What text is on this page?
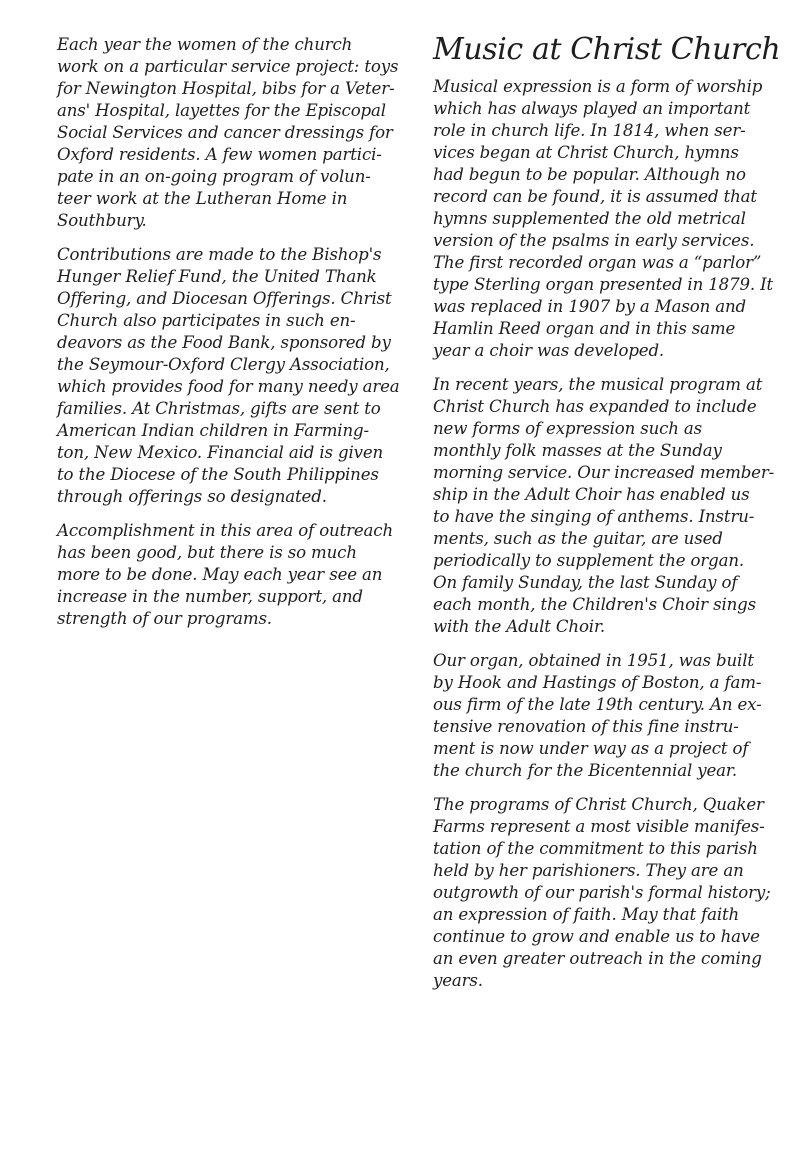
Each year the women of the church
work on a particular service project: toys
for Newington Hospital, bibs for a Veter-
ans' Hospital, layettes for the Episcopal
Social Services and cancer dressings for
Oxford residents. A few women partici-
pate in an on-going program of volun-
teer work at the Lutheran Home in
Southbury.
Contributions are made to the Bishop's
Hunger Relief Fund, the United Thank
Offering, and Diocesan Offerings. Christ
Church also participates in such en-
deavors as the Food Bank, sponsored by
the Seymour-Oxford Clergy Association,
which provides food for many needy area
families. At Christmas, gifts are sent to
American Indian children in Farming-
ton, New Mexico. Financial aid is given
to the Diocese of the South Philippines
through offerings so designated.
Accomplishment in this area of outreach
has been good, but there is so much
more to be done. May each year see an
increase in the number, support, and
strength of our programs.
Music at Christ Church
Musical expression is a form of worship
which has always played an important
role in church life. In 1814, when ser-
vices began at Christ Church, hymns
had begun to be popular. Although no
record can be found, it is assumed that
hymns supplemented the old metrical
version of the psalms in early services.
The first recorded organ was a “parlor”
type Sterling organ presented in 1879. It
was replaced in 1907 by a Mason and
Hamlin Reed organ and in this same
year a choir was developed.
In recent years, the musical program at
Christ Church has expanded to include
new forms of expression such as
monthly folk masses at the Sunday
morning service. Our increased member-
ship in the Adult Choir has enabled us
to have the singing of anthems. Instru-
ments, such as the guitar, are used
periodically to supplement the organ.
On family Sunday, the last Sunday of
each month, the Children's Choir sings
with the Adult Choir.
Our organ, obtained in 1951, was built
by Hook and Hastings of Boston, a fam-
ous firm of the late 19th century. An ex-
tensive renovation of this fine instru-
ment is now under way as a project of
the church for the Bicentennial year.
The programs of Christ Church, Quaker
Farms represent a most visible manifes-
tation of the commitment to this parish
held by her parishioners. They are an
outgrowth of our parish's formal history;
an expression of faith. May that faith
continue to grow and enable us to have
an even greater outreach in the coming
years.
